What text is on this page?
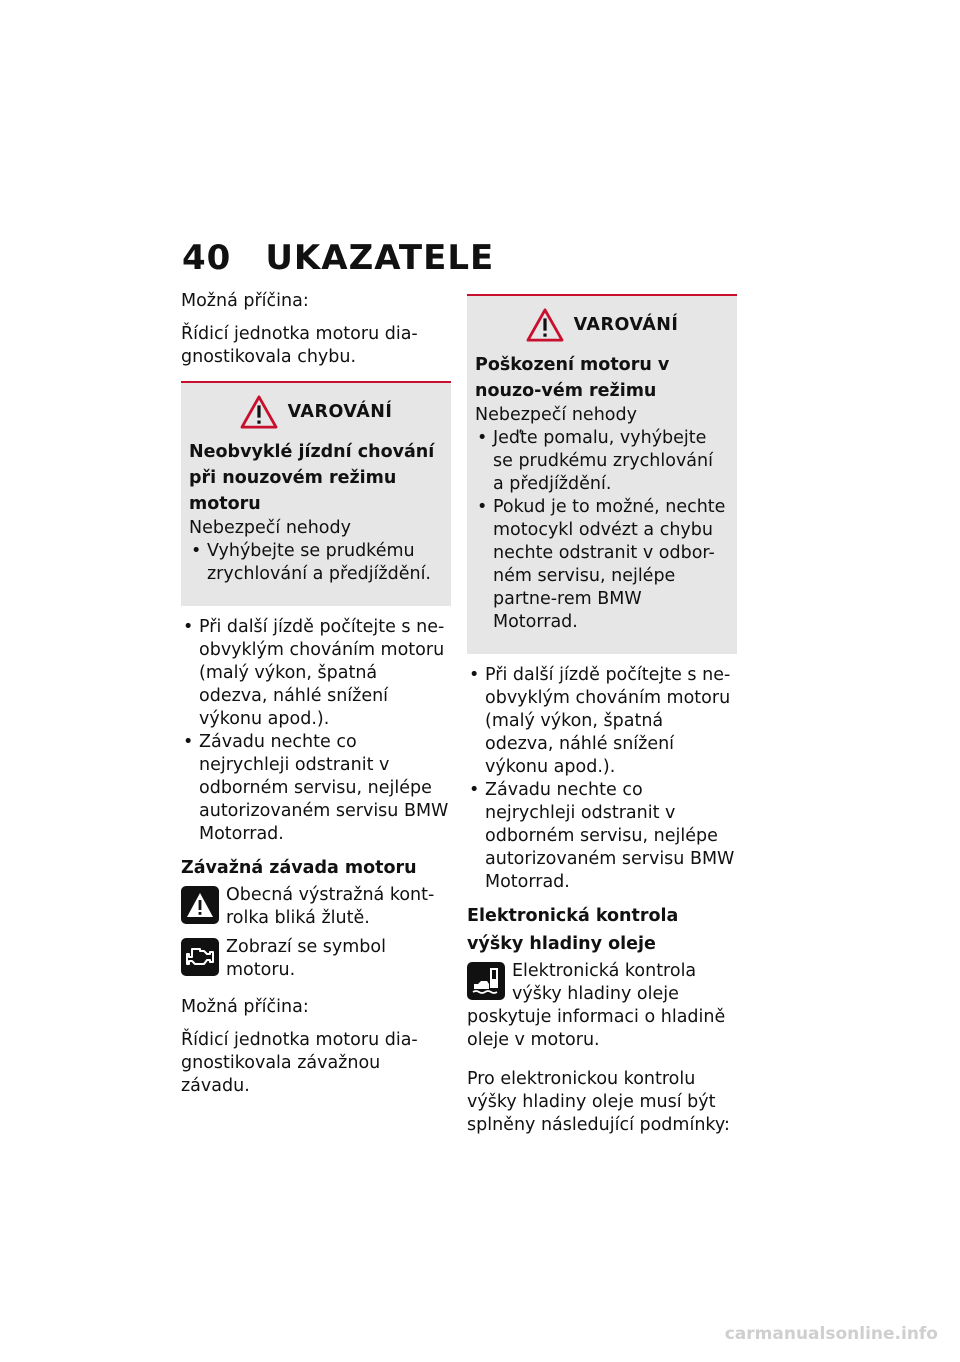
40 UKAZATELE

Možná příčina:

Řídicí jednotka motoru dia-gnostikovala chybu.

VAROVÁNÍ

Neobvyklé jízdní chování při nouzovém režimu motoru

Nebezpečí nehody

• Vyhýbejte se prudkému zrychlování a předjíždění.
• Při další jízdě počítejte s ne-obvyklým chováním motoru (malý výkon, špatná odezva, náhlé snížení výkonu apod.).
• Závadu nechte co nejrychleji odstranit v odborném servisu, nejlépe autorizovaném servisu BMW Motorrad.

Závažná závada motoru

Obecná výstražná kont-rolka bliká žlutě.
Zobrazí se symbol motoru.

Možná příčina:

Řídicí jednotka motoru dia-gnostikovala závažnou závadu.

VAROVÁNÍ

Poškození motoru v nouzo-vém režimu

Nebezpečí nehody

• Jeďte pomalu, vyhýbejte se prudkému zrychlování a předjíždění.
• Pokud je to možné, nechte motocykl odvézt a chybu nechte odstranit v odbor-ném servisu, nejlépe partne-rem BMW Motorrad.
• Při další jízdě počítejte s ne-obvyklým chováním motoru (malý výkon, špatná odezva, náhlé snížení výkonu apod.).
• Závadu nechte co nejrychleji odstranit v odborném servisu, nejlépe autorizovaném servisu BMW Motorrad.

Elektronická kontrola výšky hladiny oleje

Elektronická kontrola výšky hladiny oleje poskytuje informaci o hladině oleje v motoru.

Pro elektronickou kontrolu výšky hladiny oleje musí být splněny následující podmínky:

carmanualsonline.info
